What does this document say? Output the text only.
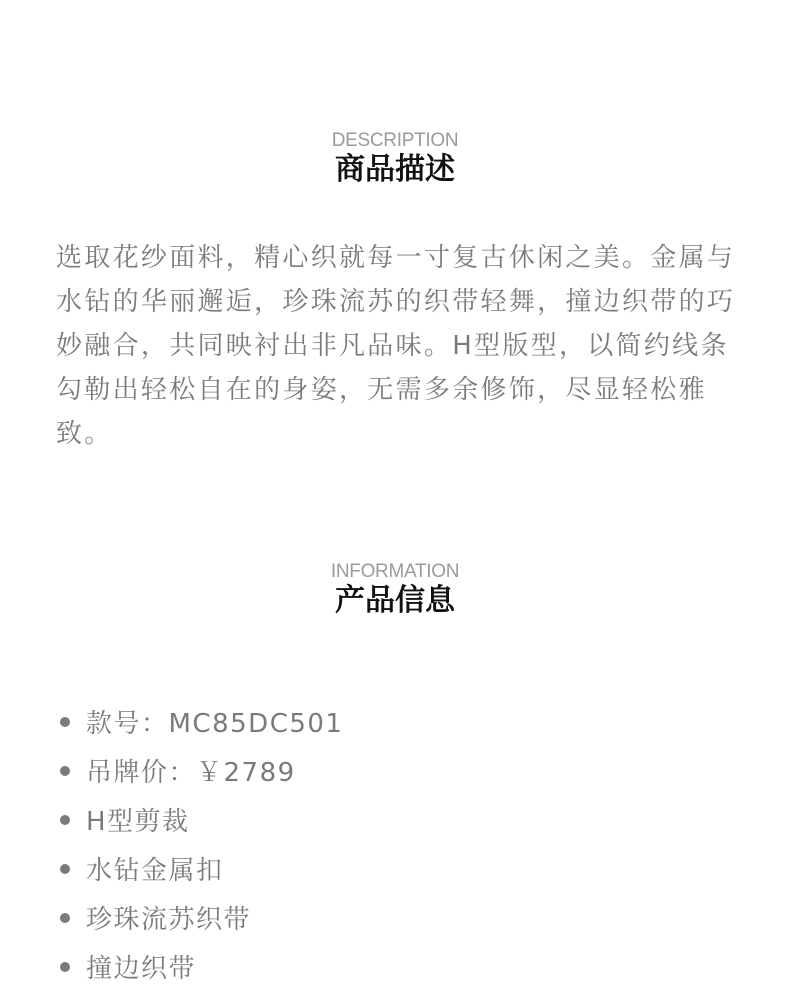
DESCRIPTION
商品描述

选取花纱面料，精心织就每一寸复古休闲之美。金属与水钻的华丽邂逅，珍珠流苏的织带轻舞，撞边织带的巧妙融合，共同映衬出非凡品味。H型版型，以简约线条勾勒出轻松自在的身姿，无需多余修饰，尽显轻松雅致。

INFORMATION
产品信息
款号：MC85DC501
吊牌价：￥2789
H型剪裁
水钻金属扣
珍珠流苏织带
撞边织带
